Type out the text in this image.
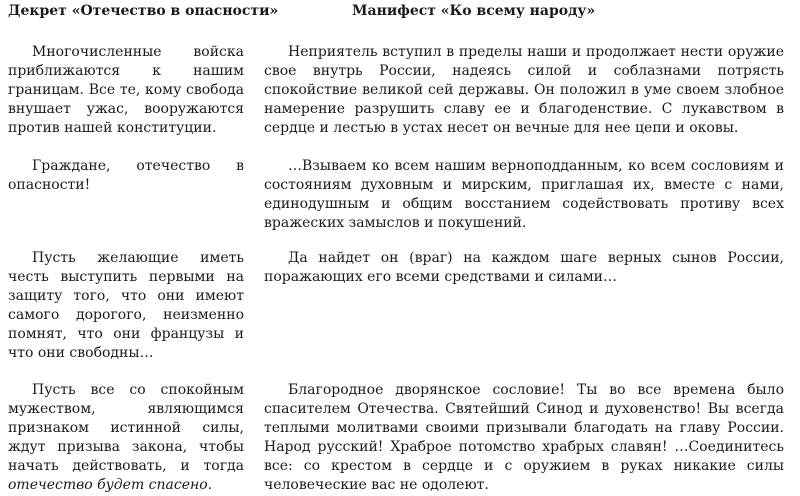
Декрет «Отечество в опасности»	Манифест «Ко всему народу»

Многочисленные войска приближаются к нашим границам. Все те, кому свобода внушает ужас, вооружаются против нашей конституции.

Граждане, отечество в опасности!

Пусть желающие иметь честь выступить первыми на защиту того, что они имеют самого дорогого, неизменно помнят, что они французы и что они свободны…

Пусть все со спокойным мужеством, являющимся признаком истинной силы, ждут призыва закона, чтобы начать действовать, и тогда отечество будет спасено.

Неприятель вступил в пределы наши и продолжает нести оружие свое внутрь России, надеясь силой и соблазнами потрясть спокойствие великой сей державы. Он положил в уме своем злобное намерение разрушить славу ее и благоденствие. С лукавством в сердце и лестью в устах несет он вечные для нее цепи и оковы.

…Взываем ко всем нашим верноподданным, ко всем сословиям и состояниям духовным и мирским, приглашая их, вместе с нами, единодушным и общим восстанием содействовать противу всех вражеских замыслов и покушений.

Да найдет он (враг) на каждом шаге верных сынов России, поражающих его всеми средствами и силами…

Благородное дворянское сословие! Ты во все времена было спасителем Отечества. Святейший Синод и духовенство! Вы всегда теплыми молитвами своими призывали благодать на главу России. Народ русский! Храброе потомство храбрых славян! …Соединитесь все: со крестом в сердце и с оружием в руках никакие силы человеческие вас не одолеют.
